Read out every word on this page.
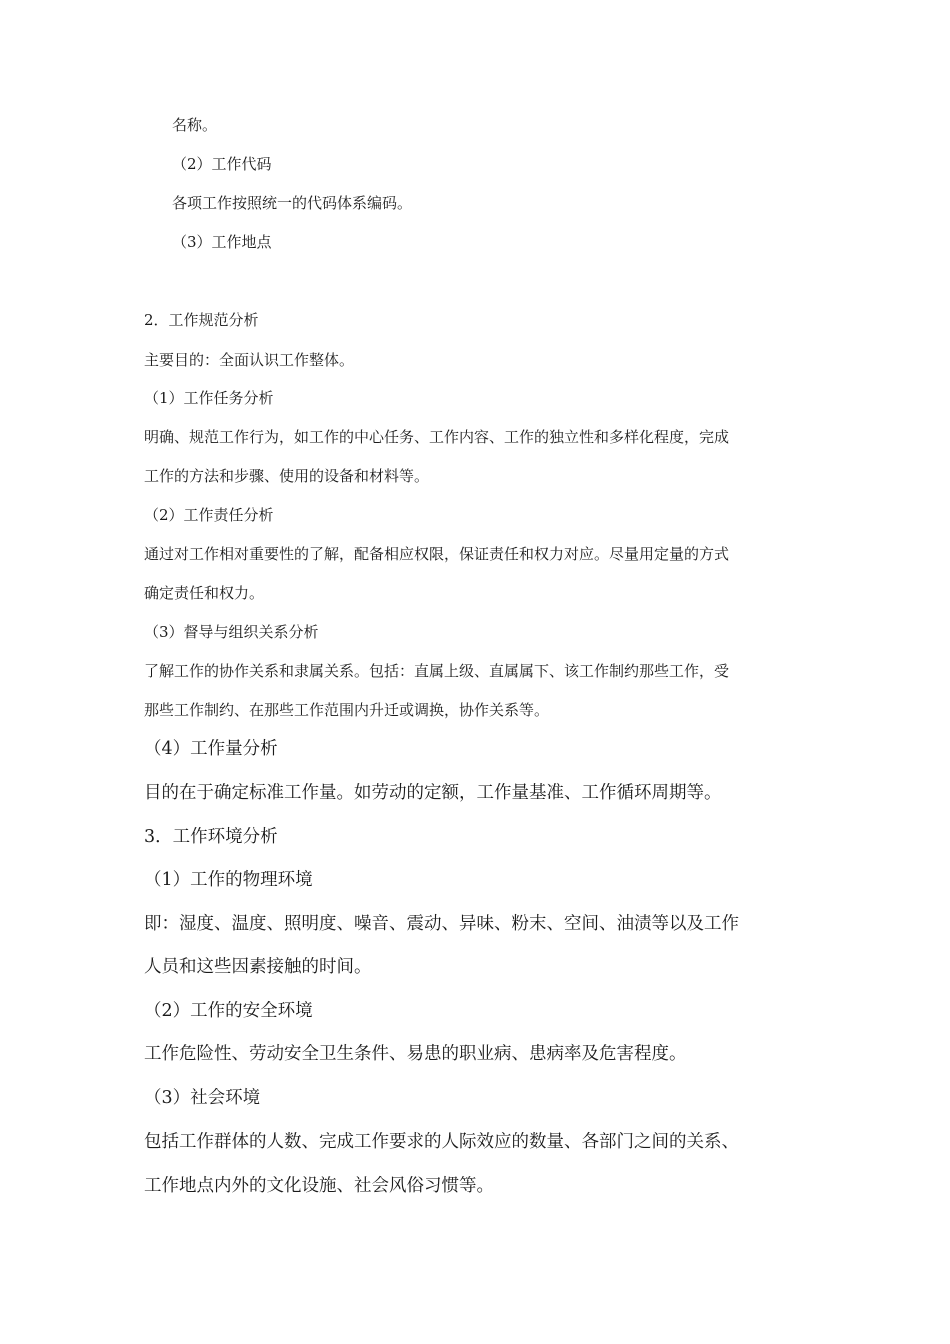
名称。
（2）工作代码
各项工作按照统一的代码体系编码。
（3）工作地点
2．工作规范分析
主要目的：全面认识工作整体。
（1）工作任务分析
明确、规范工作行为，如工作的中心任务、工作内容、工作的独立性和多样化程度，完成
工作的方法和步骤、使用的设备和材料等。
（2）工作责任分析
通过对工作相对重要性的了解，配备相应权限，保证责任和权力对应。尽量用定量的方式
确定责任和权力。
（3）督导与组织关系分析
了解工作的协作关系和隶属关系。包括：直属上级、直属属下、该工作制约那些工作，受
那些工作制约、在那些工作范围内升迁或调换，协作关系等。
（4）工作量分析
目的在于确定标准工作量。如劳动的定额，工作量基准、工作循环周期等。
3．工作环境分析
（1）工作的物理环境
即：湿度、温度、照明度、噪音、震动、异味、粉末、空间、油渍等以及工作
人员和这些因素接触的时间。
（2）工作的安全环境
工作危险性、劳动安全卫生条件、易患的职业病、患病率及危害程度。
（3）社会环境
包括工作群体的人数、完成工作要求的人际效应的数量、各部门之间的关系、
工作地点内外的文化设施、社会风俗习惯等。
